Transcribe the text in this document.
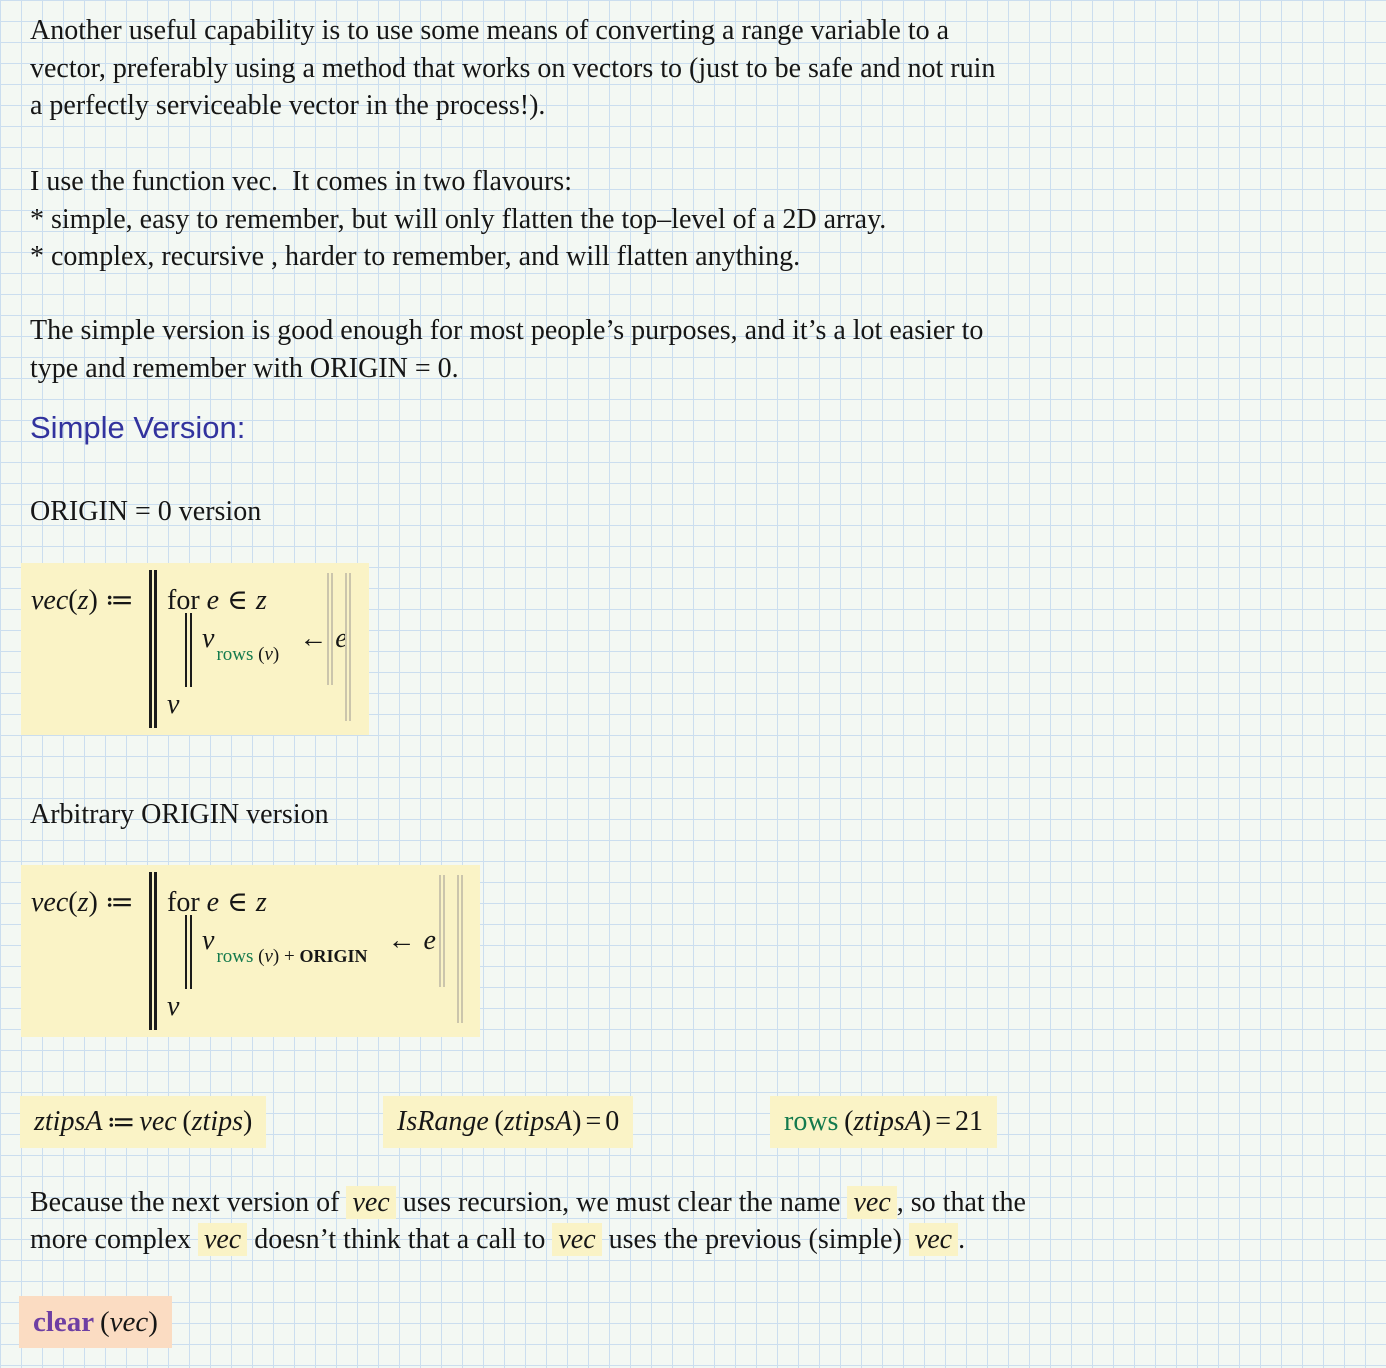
Another useful capability is to use some means of converting a range variable to a
vector, preferably using a method that works on vectors to (just to be safe and not ruin
a perfectly serviceable vector in the process!).
I use the function vec.  It comes in two flavours:
* simple, easy to remember, but will only flatten the top–level of a 2D array.
* complex, recursive , harder to remember, and will flatten anything.
The simple version is good enough for most people’s purposes, and it’s a lot easier to
type and remember with ORIGIN = 0.
Simple Version:
ORIGIN = 0 version
vec(z) ≔ for e ∈ z
$v_{rows (v)}\leftarrow$ e
v
Arbitrary ORIGIN version
vec(z) ≔ for e ∈ z
$v_{rows (v) + ORIGIN}$ ← e
v
ztipsA ≔ vec
  ( ztips )	IsRange
  ( ztipsA ) = 0	rows
  ( ztipsA ) = 21
Because the next version of vec uses recursion, we must clear the name vec , so that the
more complex vec doesn’t think that a call to vec uses the previous (simple) vec .
clear
  ( vec )
